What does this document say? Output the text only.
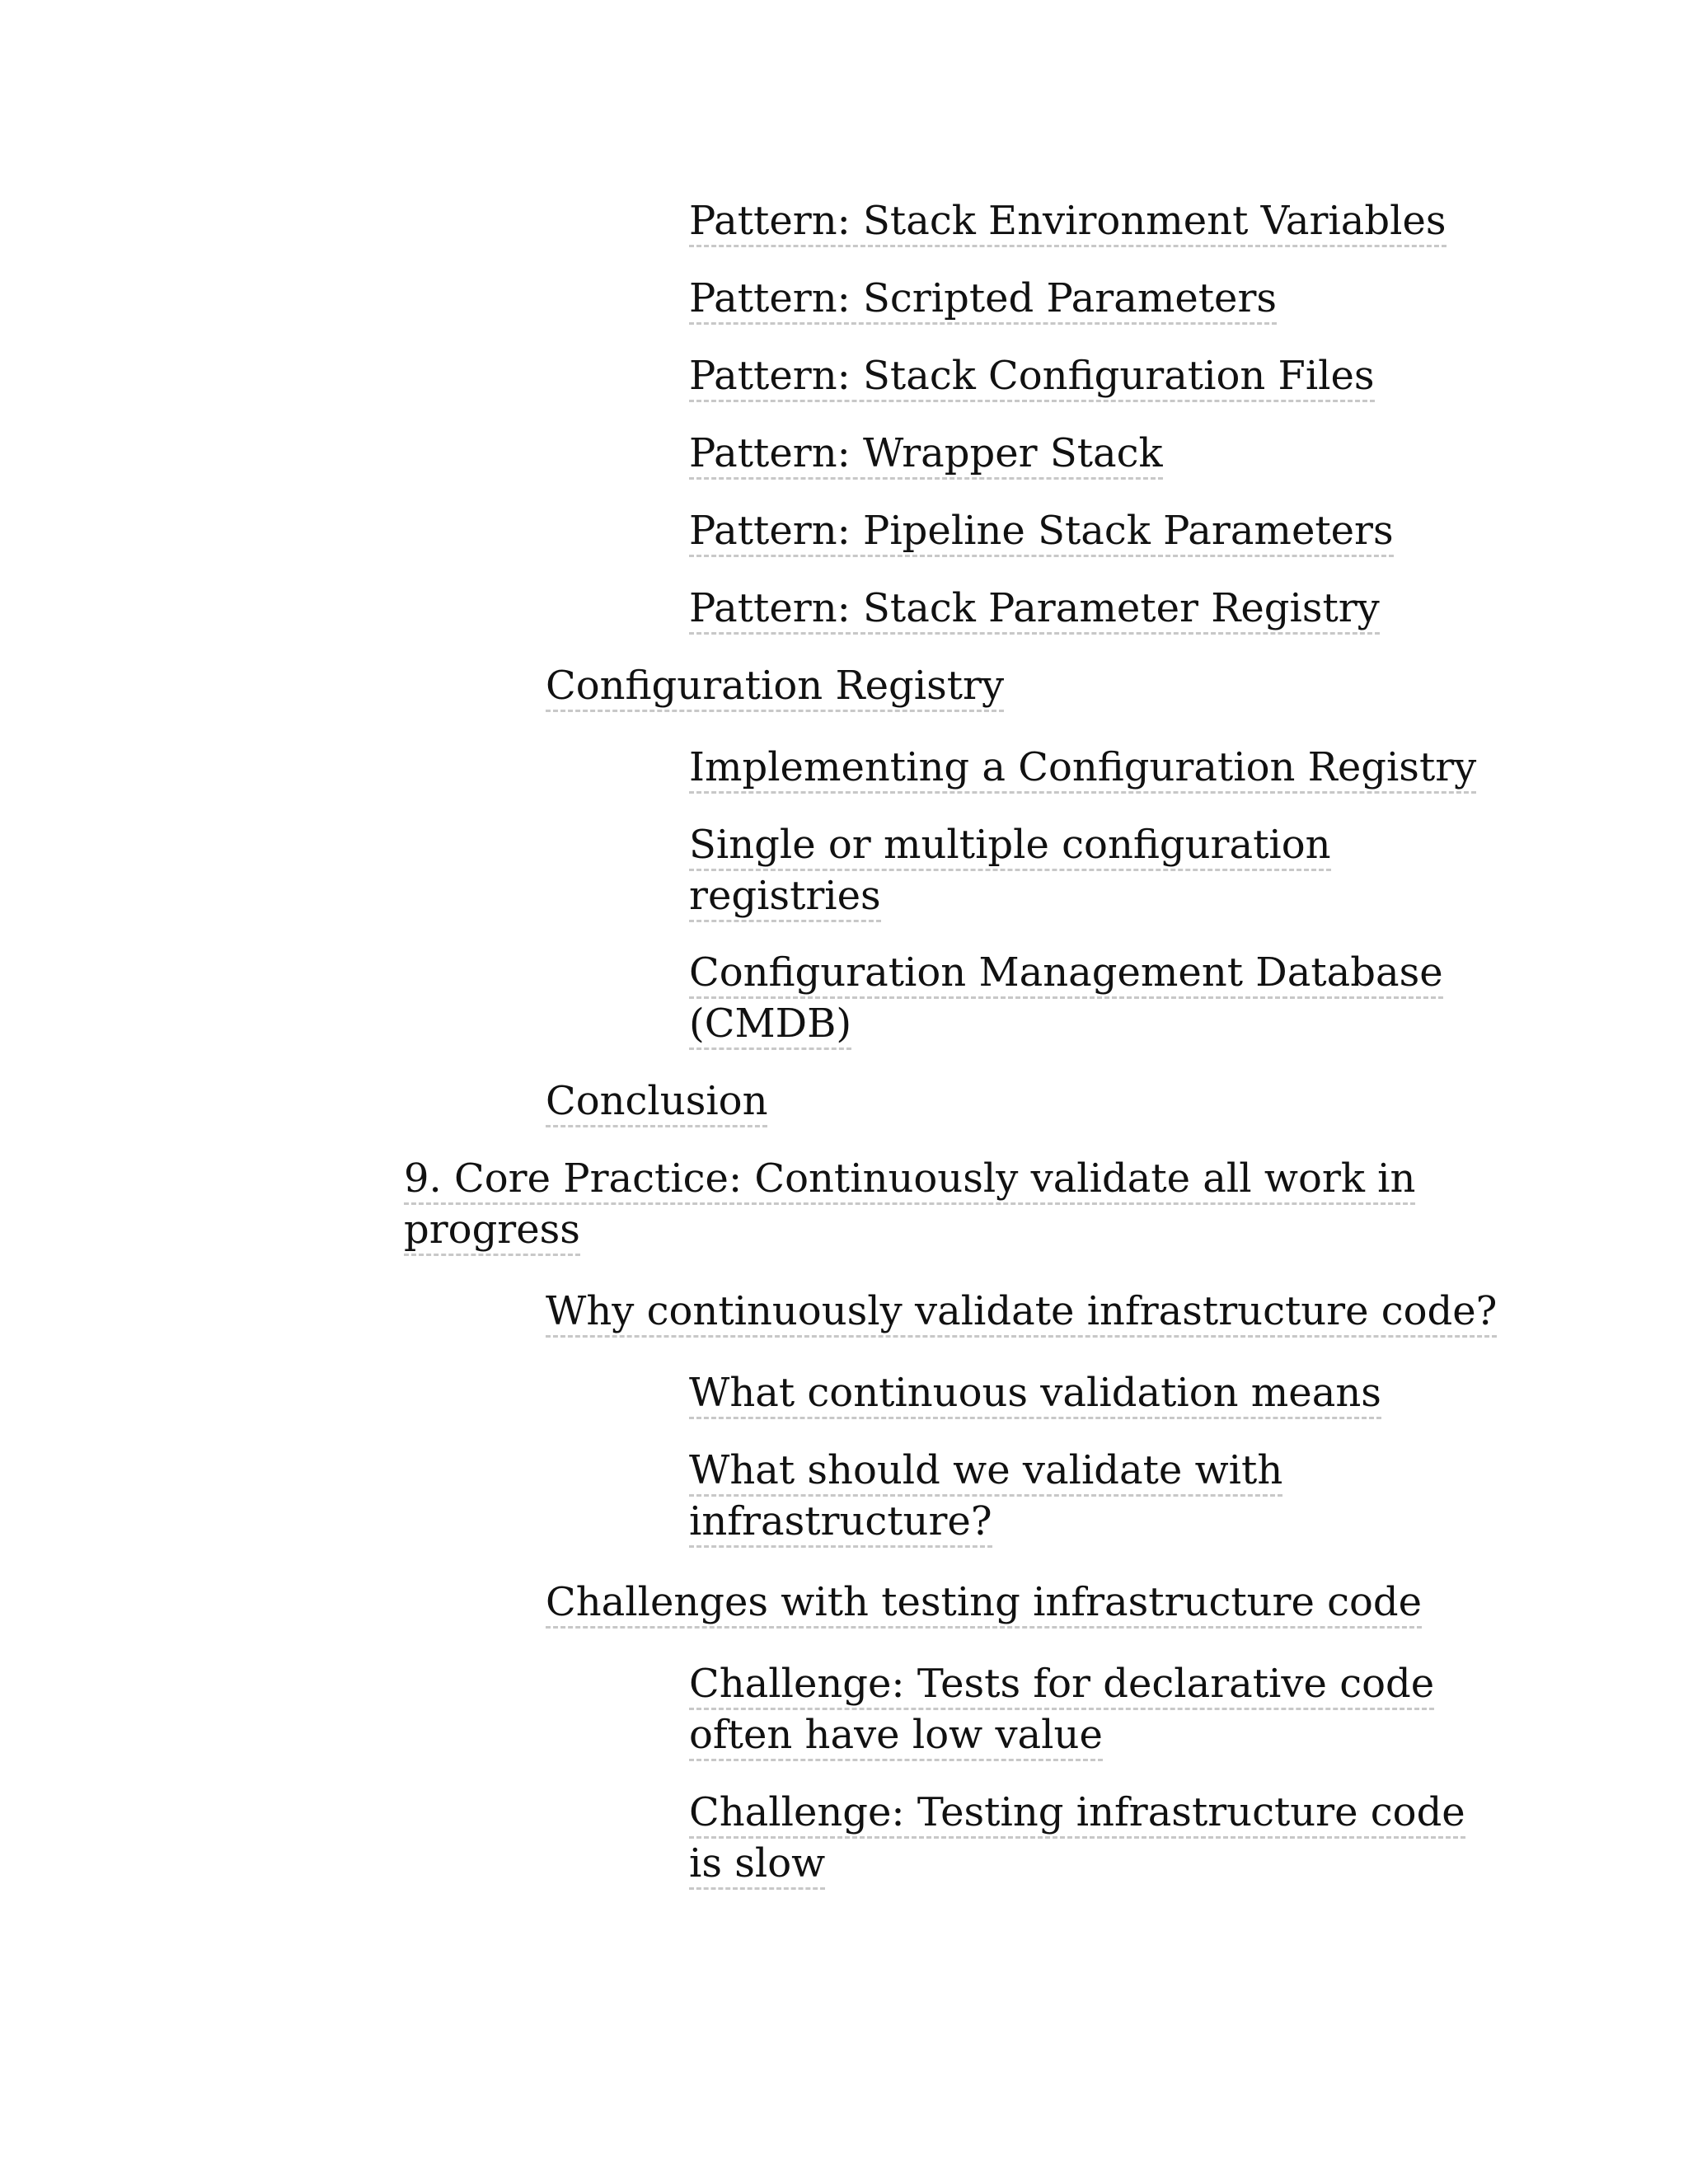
Pattern: Stack Environment Variables
Pattern: Scripted Parameters
Pattern: Stack Configuration Files
Pattern: Wrapper Stack
Pattern: Pipeline Stack Parameters
Pattern: Stack Parameter Registry
Configuration Registry
Implementing a Configuration Registry
Single or multiple configuration
registries
Configuration Management Database
(CMDB)
Conclusion
9. Core Practice: Continuously validate all work in
progress
Why continuously validate infrastructure code?
What continuous validation means
What should we validate with
infrastructure?
Challenges with testing infrastructure code
Challenge: Tests for declarative code
often have low value
Challenge: Testing infrastructure code
is slow
